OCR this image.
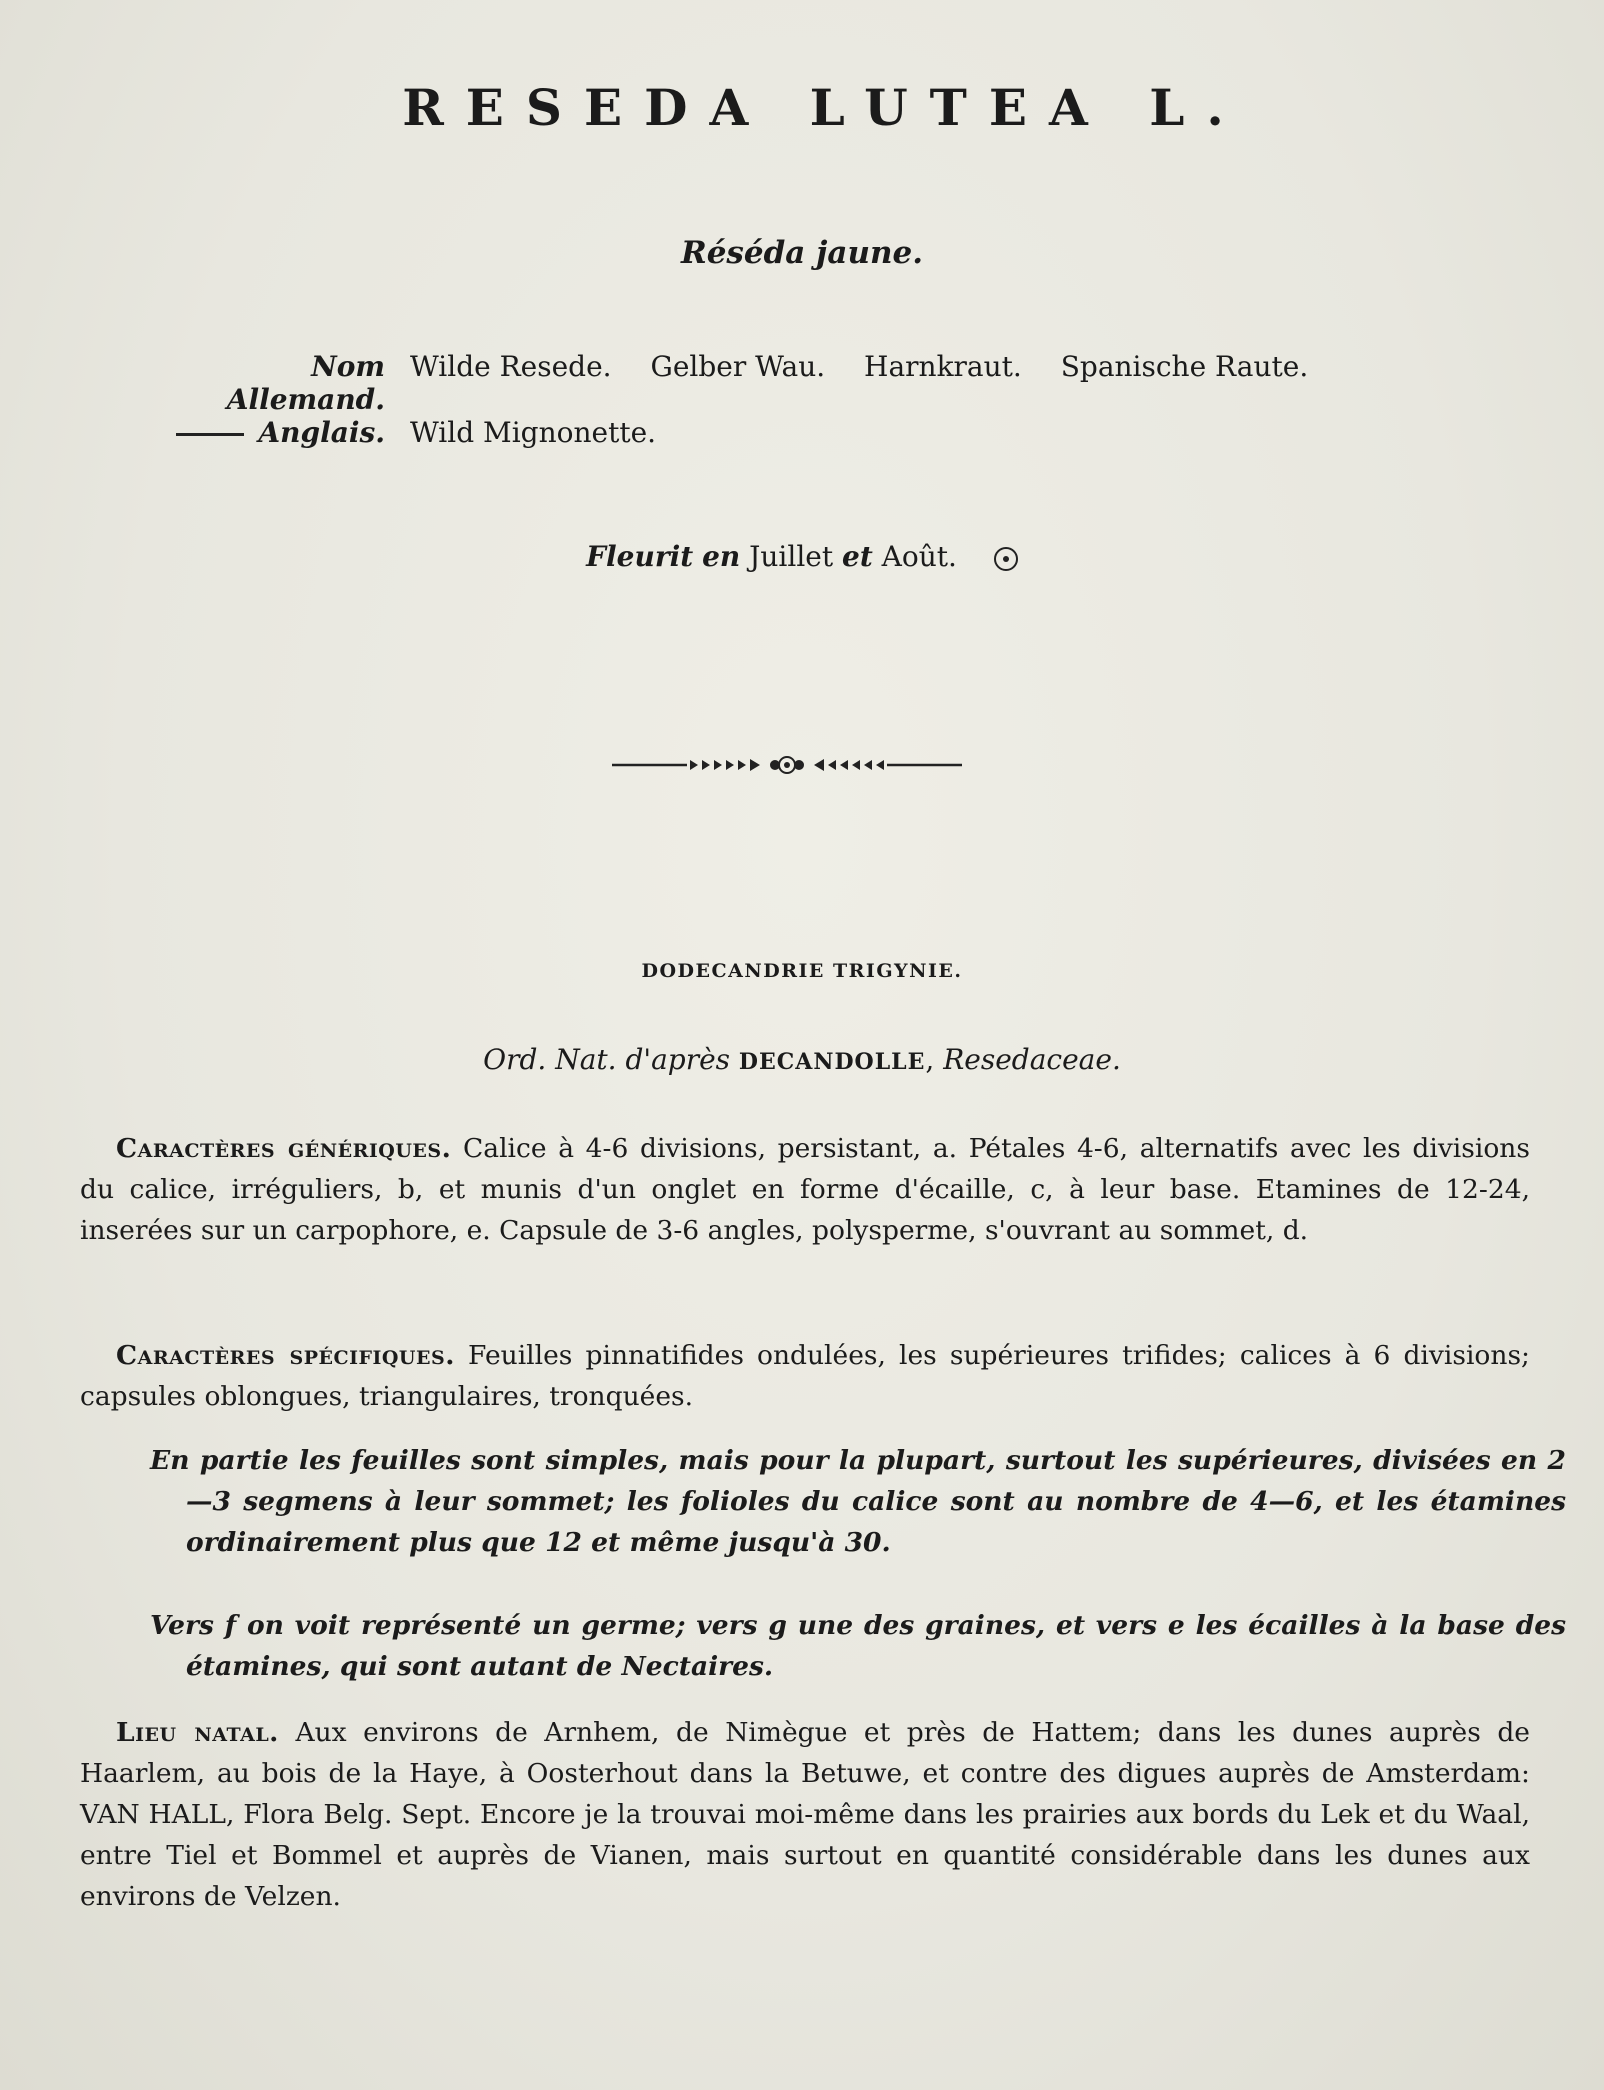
RESEDA LUTEA L.
Réséda jaune.
Nom Allemand.
Wilde Resede. Gelber Wau. Harnkraut. Spanische Raute.
Anglais. Wild Mignonette.
Fleurit en Juillet et Août.
DODECANDRIE TRIGYNIE.
Ord. Nat. d'après DECANDOLLE, Resedaceae.
Caractères génériques. Calice à 4-6 divisions, persistant, a. Pétales 4-6, alternatifs avec les divisions du calice, irréguliers, b, et munis d'un onglet en forme d'écaille, c, à leur base. Etamines de 12-24, inserées sur un carpophore, e. Capsule de 3-6 angles, polysperme, s'ouvrant au sommet, d.
Caractères spécifiques. Feuilles pinnatifides ondulées, les supérieures trifides; calices à 6 divisions; capsules oblongues, triangulaires, tronquées.
En partie les feuilles sont simples, mais pour la plupart, surtout les supérieures, divisées en 2—3 segmens à leur sommet; les folioles du calice sont au nombre de 4—6, et les étamines ordinairement plus que 12 et même jusqu'à 30.
Vers f on voit représenté un germe; vers g une des graines, et vers e les écailles à la base des étamines, qui sont autant de Nectaires.
Lieu natal. Aux environs de Arnhem, de Nimègue et près de Hattem; dans les dunes auprès de Haarlem, au bois de la Haye, à Oosterhout dans la Betuwe, et contre des digues auprès de Amsterdam: VAN HALL, Flora Belg. Sept. Encore je la trouvai moi-même dans les prairies aux bords du Lek et du Waal, entre Tiel et Bommel et auprès de Vianen, mais surtout en quantité considérable dans les dunes aux environs de Velzen.
